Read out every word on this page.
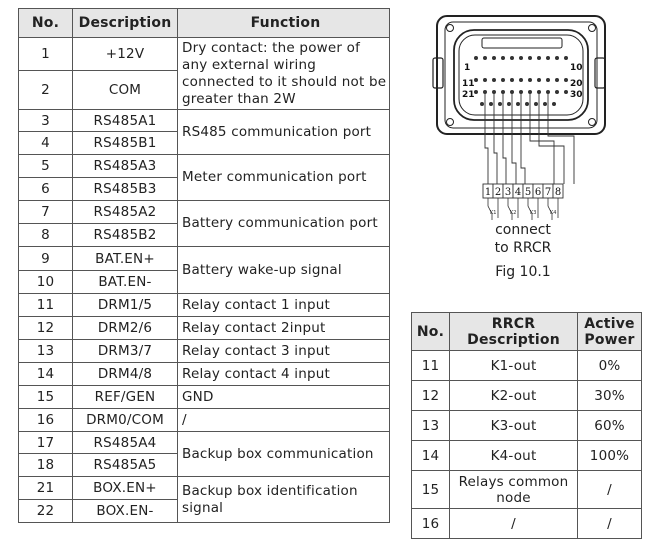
No.	Description	Function
1	+12V	Dry contact: the power of any external wiring connected to it should not be greater than 2W
2	COM	
3	RS485A1	RS485 communication port
4	RS485B1	
5	RS485A3	Meter communication port
6	RS485B3	
7	RS485A2	Battery communication port
8	RS485B2	
9	BAT.EN+	Battery wake-up signal
10	BAT.EN-	
11	DRM1/5	Relay contact 1 input
12	DRM2/6	Relay contact 2input
13	DRM3/7	Relay contact 3 input
14	DRM4/8	Relay contact 4 input
15	REF/GEN	GND
16	DRM0/COM	/
17	RS485A4	Backup box communication
18	RS485A5	
21	BOX.EN+	Backup box identification signal
22	BOX.EN-	
1	10
11	20
21	30
1 2 3 4 5 6 7 8
K1	K2	K3	K4
connect
to RRCR
Fig 10.1
No.	RRCR Description	Active Power
11	K1-out	0%
12	K2-out	30%
13	K3-out	60%
14	K4-out	100%
15	Relays common node	/
16	/	/
